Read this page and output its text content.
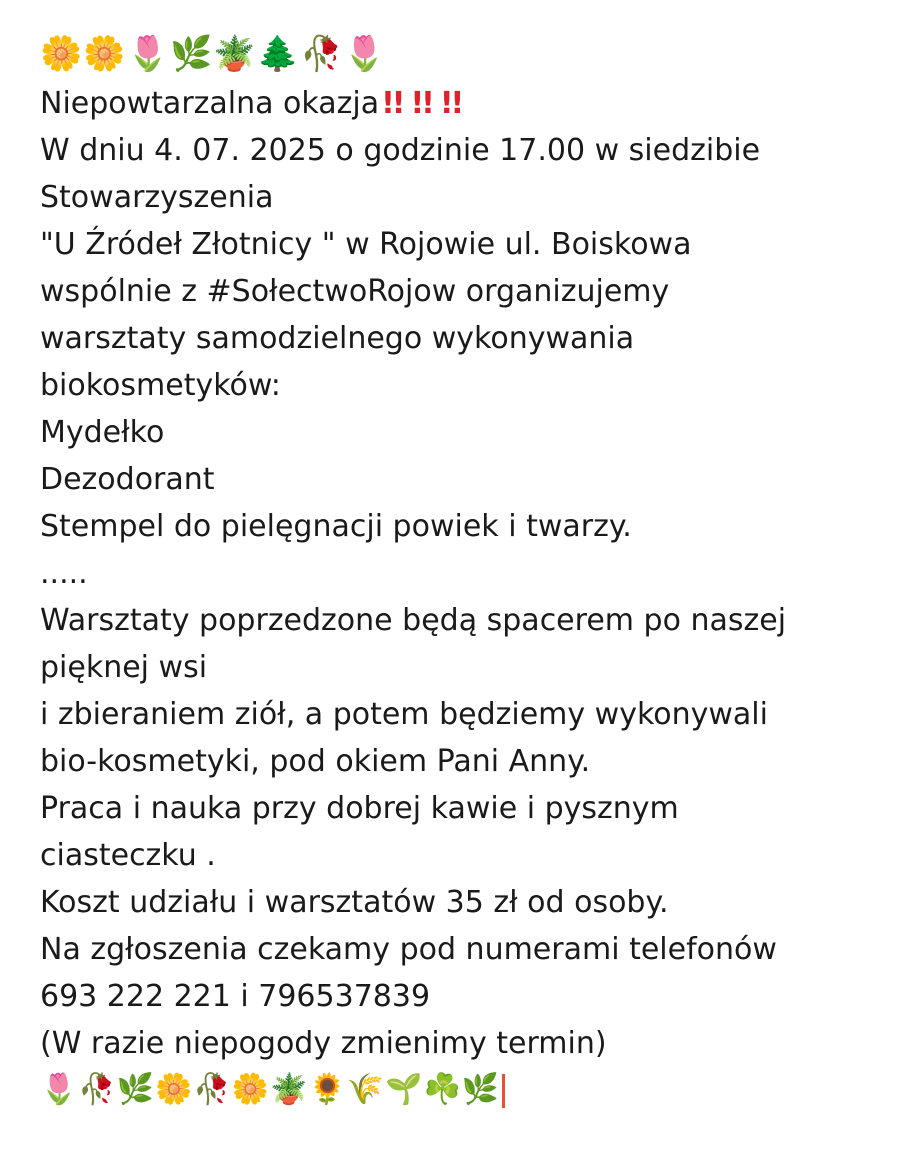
🌼🌼🌷🌿🪴🌲🥀🌷
Niepowtarzalna okazja!! !! !!
W dniu 4. 07. 2025 o godzinie 17.00 w siedzibie
Stowarzyszenia
"U Źródeł Złotnicy " w Rojowie ul. Boiskowa
wspólnie z #SołectwoRojow organizujemy
warsztaty samodzielnego wykonywania
biokosmetyków:
Mydełko
Dezodorant
Stempel do pielęgnacji powiek i twarzy.
.....
Warsztaty poprzedzone będą spacerem po naszej
pięknej wsi
i zbieraniem ziół, a potem będziemy wykonywali
bio-kosmetyki, pod okiem Pani Anny.
Praca i nauka przy dobrej kawie i pysznym
ciasteczku .
Koszt udziału i warsztatów 35 zł od osoby.
Na zgłoszenia czekamy pod numerami telefonów
693 222 221 i 796537839
(W razie niepogody zmienimy termin)
🌷🥀🌿🌼🥀🌼🪴🌻🌾🌱☘️🌿
